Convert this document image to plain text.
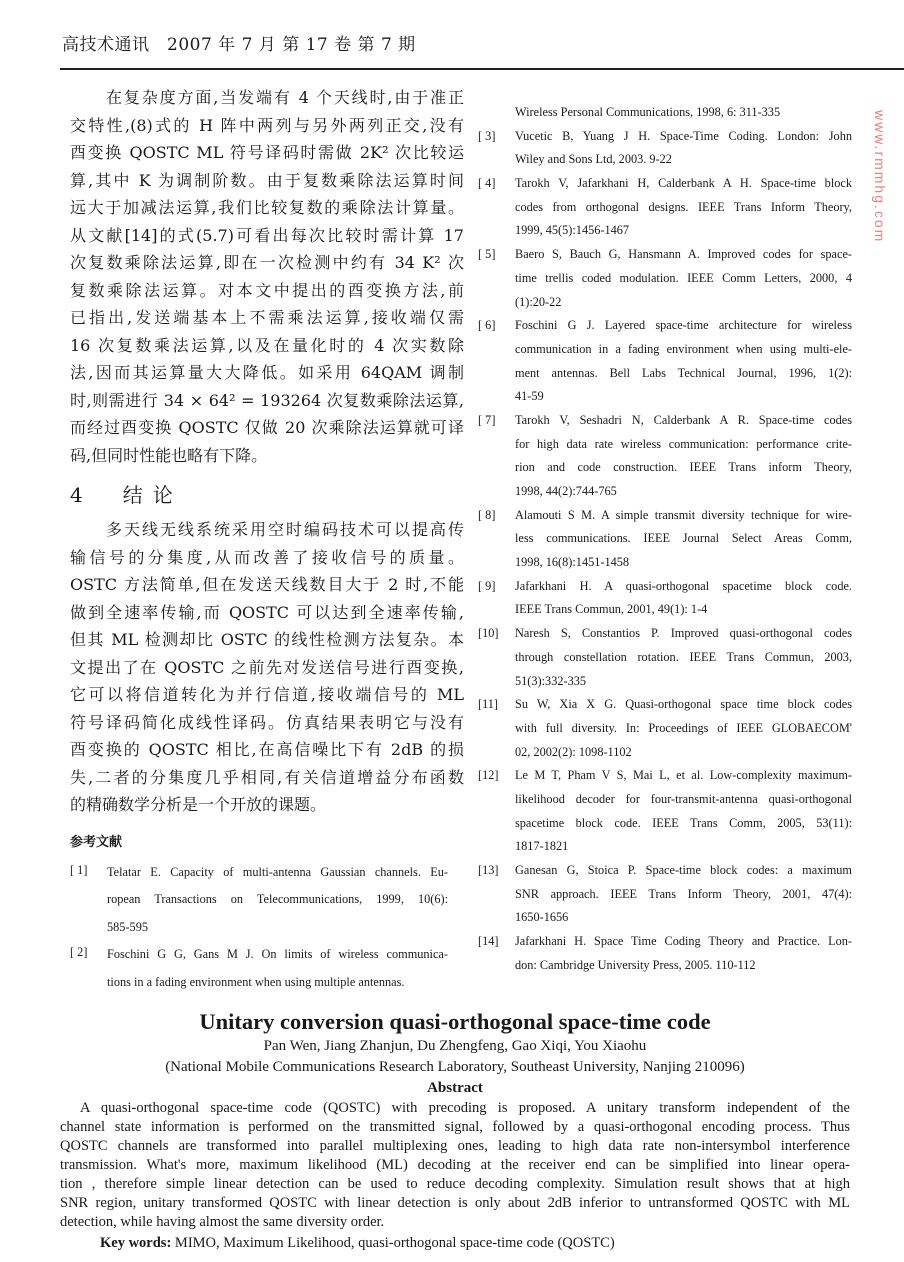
高技术通讯　2007 年 7 月 第 17 卷 第 7 期
在复杂度方面,当发端有 4 个天线时,由于准正
交特性,(8)式的 H 阵中两列与另外两列正交,没有
酉变换 QOSTC ML 符号译码时需做 2K² 次比较运
算,其中 K 为调制阶数。由于复数乘除法运算时间
远大于加减法运算,我们比较复数的乘除法计算量。
从文献[14]的式(5.7)可看出每次比较时需计算 17
次复数乘除法运算,即在一次检测中约有 34 K² 次
复数乘除法运算。对本文中提出的酉变换方法,前
已指出,发送端基本上不需乘法运算,接收端仅需
16 次复数乘法运算,以及在量化时的 4 次实数除
法,因而其运算量大大降低。如采用 64QAM 调制
时,则需进行 34 × 64² = 193264 次复数乘除法运算,
而经过酉变换 QOSTC 仅做 20 次乘除法运算就可译
码,但同时性能也略有下降。
4　结论
多天线无线系统采用空时编码技术可以提高传
输信号的分集度,从而改善了接收信号的质量。
OSTC 方法简单,但在发送天线数目大于 2 时,不能
做到全速率传输,而 QOSTC 可以达到全速率传输,
但其 ML 检测却比 OSTC 的线性检测方法复杂。本
文提出了在 QOSTC 之前先对发送信号进行酉变换,
它可以将信道转化为并行信道,接收端信号的 ML
符号译码简化成线性译码。仿真结果表明它与没有
酉变换的 QOSTC 相比,在高信噪比下有 2dB 的损
失,二者的分集度几乎相同,有关信道增益分布函数
的精确数学分析是一个开放的课题。
参考文献
[ 1]	Telatar E. Capacity of multi-antenna Gaussian channels. Eu-
ropean Transactions on Telecommunications, 1999, 10(6):
585-595
[ 2]	Foschini G G, Gans M J. On limits of wireless communica-
tions in a fading environment when using multiple antennas.
Wireless Personal Communications, 1998, 6: 311-335
[ 3]	Vucetic B, Yuang J H. Space-Time Coding. London: John
Wiley and Sons Ltd, 2003. 9-22
[ 4]	Tarokh V, Jafarkhani H, Calderbank A H. Space-time block
codes from orthogonal designs. IEEE Trans Inform Theory,
1999, 45(5):1456-1467
[ 5]	Baero S, Bauch G, Hansmann A. Improved codes for space-
time trellis coded modulation. IEEE Comm Letters, 2000, 4
(1):20-22
[ 6]	Foschini G J. Layered space-time architecture for wireless
communication in a fading environment when using multi-ele-
ment antennas. Bell Labs Technical Journal, 1996, 1(2):
41-59
[ 7]	Tarokh V, Seshadri N, Calderbank A R. Space-time codes
for high data rate wireless communication: performance crite-
rion and code construction. IEEE Trans inform Theory,
1998, 44(2):744-765
[ 8]	Alamouti S M. A simple transmit diversity technique for wire-
less communications. IEEE Journal Select Areas Comm,
1998, 16(8):1451-1458
[ 9]	Jafarkhani H. A quasi-orthogonal spacetime block code.
IEEE Trans Commun, 2001, 49(1): 1-4
[10]	Naresh S, Constantios P. Improved quasi-orthogonal codes
through constellation rotation. IEEE Trans Commun, 2003,
51(3):332-335
[11]	Su W, Xia X G. Quasi-orthogonal space time block codes
with full diversity. In: Proceedings of IEEE GLOBAECOM'
02, 2002(2): 1098-1102
[12]	Le M T, Pham V S, Mai L, et al. Low-complexity maximum-
likelihood decoder for four-transmit-antenna quasi-orthogonal
spacetime block code. IEEE Trans Comm, 2005, 53(11):
1817-1821
[13]	Ganesan G, Stoica P. Space-time block codes: a maximum
SNR approach. IEEE Trans Inform Theory, 2001, 47(4):
1650-1656
[14]	Jafarkhani H. Space Time Coding Theory and Practice. Lon-
don: Cambridge University Press, 2005. 110-112
Unitary conversion quasi-orthogonal space-time code
Pan Wen, Jiang Zhanjun, Du Zhengfeng, Gao Xiqi, You Xiaohu
(National Mobile Communications Research Laboratory, Southeast University, Nanjing 210096)
Abstract
A quasi-orthogonal space-time code (QOSTC) with precoding is proposed. A unitary transform independent of the
channel state information is performed on the transmitted signal, followed by a quasi-orthogonal encoding process. Thus
QOSTC channels are transformed into parallel multiplexing ones, leading to high data rate non-intersymbol interference
transmission. What's more, maximum likelihood (ML) decoding at the receiver end can be simplified into linear opera-
tion , therefore simple linear detection can be used to reduce decoding complexity. Simulation result shows that at high
SNR region, unitary transformed QOSTC with linear detection is only about 2dB inferior to untransformed QOSTC with ML
detection, while having almost the same diversity order.
Key words: MIMO, Maximum Likelihood, quasi-orthogonal space-time code (QOSTC)
www.rmmhg.com
